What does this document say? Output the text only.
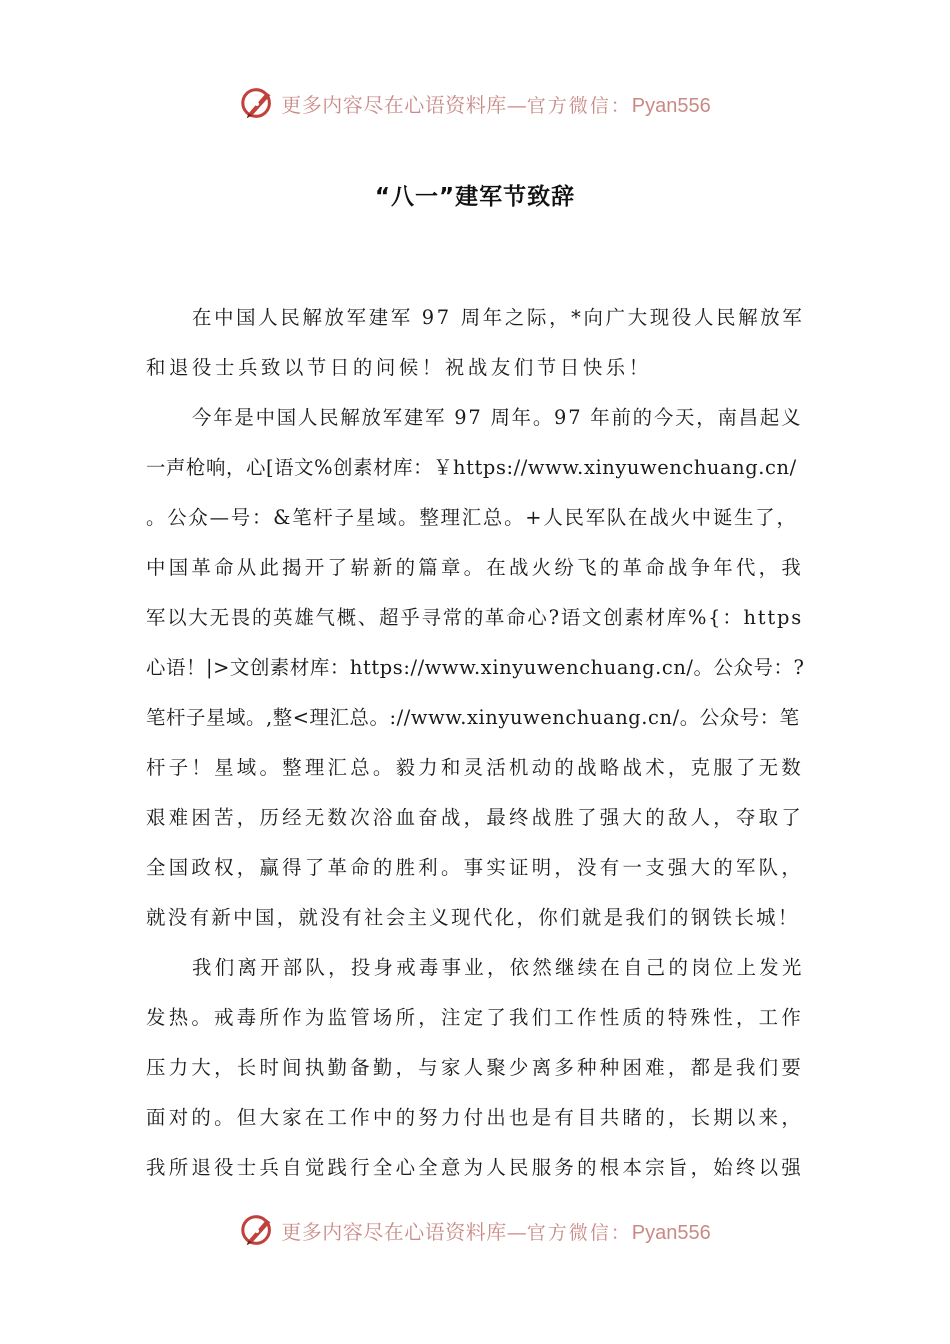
更多内容尽在心语资料库 — 官方微信： Pyan556
“八一”建军节致辞
在中国人民解放军建军 97 周年之际，*向广大现役人民解放军
和退役士兵致以节日的问候！祝战友们节日快乐！
今年是中国人民解放军建军 97 周年。97 年前的今天，南昌起义
一声枪响，心[语文%创素材库：￥https://www.xinyuwenchuang.cn/
。公众—号：&笔杆子星域。整理汇总。+人民军队在战火中诞生了，
中国革命从此揭开了崭新的篇章。在战火纷飞的革命战争年代，我
军以大无畏的英雄气概、超乎寻常的革命心?语文创素材库%{：https
心语！|>文创素材库：https://www.xinyuwenchuang.cn/。公众号：?
笔杆子星域。,整<理汇总。://www.xinyuwenchuang.cn/。公众号：笔
杆子！星域。整理汇总。毅力和灵活机动的战略战术，克服了无数
艰难困苦，历经无数次浴血奋战，最终战胜了强大的敌人，夺取了
全国政权，赢得了革命的胜利。事实证明，没有一支强大的军队，
就没有新中国，就没有社会主义现代化，你们就是我们的钢铁长城！
我们离开部队，投身戒毒事业，依然继续在自己的岗位上发光
发热。戒毒所作为监管场所，注定了我们工作性质的特殊性，工作
压力大，长时间执勤备勤，与家人聚少离多种种困难，都是我们要
面对的。但大家在工作中的努力付出也是有目共睹的，长期以来，
我所退役士兵自觉践行全心全意为人民服务的根本宗旨，始终以强
更多内容尽在心语资料库 — 官方微信： Pyan556
